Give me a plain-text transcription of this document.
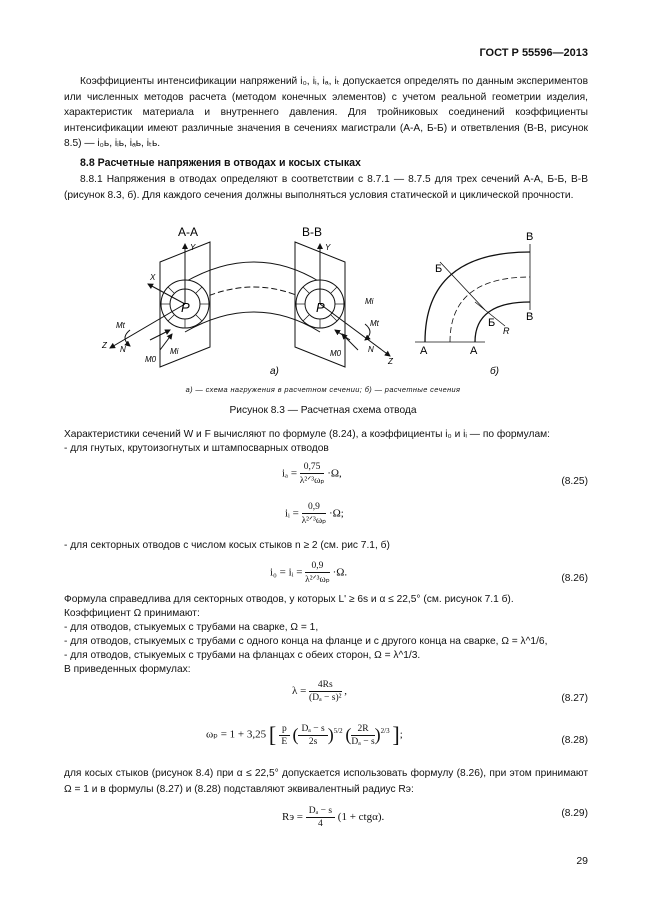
ГОСТ Р 55596—2013
Коэффициенты интенсификации напряжений i₀, iᵢ, iₐ, iₜ допускается определять по данным экспериментов или численных методов расчета (методом конечных элементов) с учетом реальной геометрии изделия, характеристик материала и внутреннего давления. Для тройниковых соединений коэффициенты интенсификации имеют различные значения в сечениях магистрали (А-А, Б-Б) и ответвления (В-В, рисунок 8.5) — i₀ь, iᵢь, iₐь, iₜь.
8.8 Расчетные напряжения в отводах и косых стыках
8.8.1 Напряжения в отводах определяют в соответствии с 8.7.1 — 8.7.5 для трех сечений А-А, Б-Б, В-В (рисунок 8.3, б). Для каждого сечения должны выполняться условия статической и циклической прочности.
А-А	В-В
Y	Y
X
Z
Z
P	P
N	N
Mt	Mt
Mi
Mi
M0
M0
а)
Б
Б
В
В
А	А
R
б)
а) — схема нагружения в расчетном сечении; б) — расчетные сечения
Рисунок 8.3 — Расчетная схема отвода
Характеристики сечений W и F вычисляют по формуле (8.24), а коэффициенты i₀ и iᵢ — по формулам:
- для гнутых, крутоизогнутых и штампосварных отводов
$i_a = \frac{0,75}{\text{λ²ᐟ³ωₚ}} \cdot\Omega$,
(8.25)
iᵢ = $\frac{0,9}{\text{λ²ᐟ³ωₚ}} \cdot\Omega$;
- для секторных отводов с числом косых стыков n ≥ 2 (см. рис 7.1, б)
i₀ = iᵢ = $\frac{0,9}{\text{λ²ᐟ³ωₚ}} \cdot\Omega$.	(8.26)
Формула справедлива для секторных отводов, у которых L' ≥ 6s и α ≤ 22,5° (см. рисунок 7.1 б).
Коэффициент Ω принимают:
- для отводов, стыкуемых с трубами на сварке, Ω = 1,
- для отводов, стыкуемых с трубами с одного конца на фланце и с другого конца на сварке, Ω = λ^1/6,
- для отводов, стыкуемых с трубами на фланцах с обеих сторон, Ω = λ^1/3.
В приведенных формулах:
$\lambda = \frac{4Rs}{\text{(Dₐ − s)²}}$ ,
(8.27)
ωₚ = 1 + 3,25 [ $\frac{p}{E}$ ( $\frac{\text{Dₐ − s}}{2s} )^{5/2}$ ( $\frac{2R}{\text{Dₐ − s}} )^{2/3}$ ];	(8.28)
для косых стыков (рисунок 8.4) при α ≤ 22,5° допускается использовать формулу (8.26), при этом принимают Ω = 1 и в формулы (8.27) и (8.28) подставляют эквивалентный радиус Rэ:
Rэ = $\frac{\text{Dₐ − s}}{4} (1 + ctg\alpha)$.	(8.29)
29
